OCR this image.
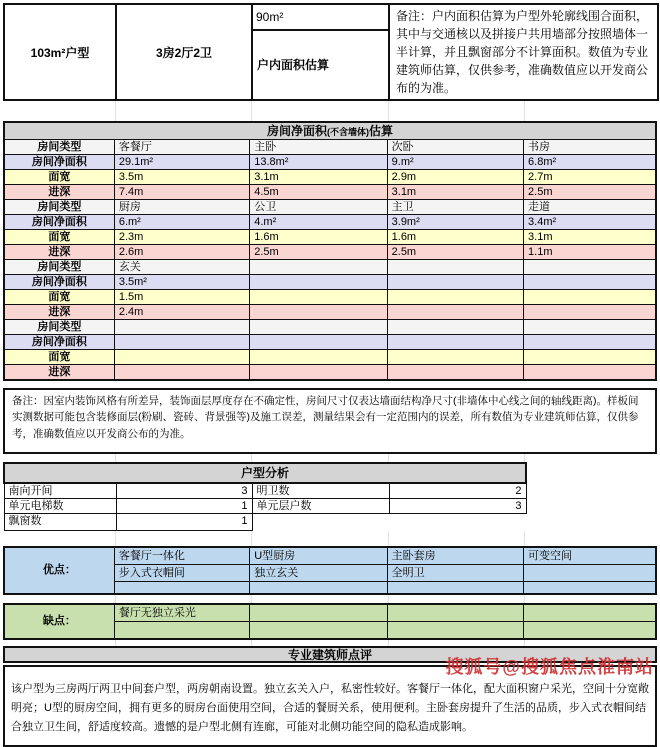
103m²户型	3房2厅2卫	90m²	备注：户内面积估算为户型外轮廓线围合面积，其中与交通核以及拼接户共用墙部分按照墙体一半计算，并且飘窗部分不计算面积。数值为专业建筑师估算，仅供参考，准确数值应以开发商公布的为准。
户内面积估算
房间净面积(不含墙体)估算				
房间类型	客餐厅	主卧	次卧	书房
房间净面积	29.1m²	13.8m²	9.m²	6.8m²
面宽	3.5m	3.1m	2.9m	2.7m
进深	7.4m	4.5m	3.1m	2.5m
房间类型	厨房	公卫	主卫	走道
房间净面积	6.m²	4.m²	3.9m²	3.4m²
面宽	2.3m	1.6m	1.6m	3.1m
进深	2.6m	2.5m	2.5m	1.1m
房间类型	玄关			
房间净面积	3.5m²			
面宽	1.5m			
进深	2.4m			
房间类型				
房间净面积				
面宽				
进深				
备注：因室内装饰风格有所差异，装饰面层厚度存在不确定性，房间尺寸仅表达墙面结构净尺寸(非墙体中心线之间的轴线距离)。样板间实测数据可能包含装修面层(粉刷、瓷砖、背景强等)及施工误差，测量结果会有一定范围内的误差，所有数值为专业建筑师估算，仅供参考，准确数值应以开发商公布的为准。
户型分析			
南向开间	3	明卫数	2
单元电梯数	1	单元层户数	3
飘窗数	1		
优点：	客餐厅一体化	U型厨房	主卧套房	可变空间
	步入式衣帽间	独立玄关	全明卫	

缺点：	餐厅无独立采光			

专业建筑师点评
该户型为三房两厅两卫中间套户型，两房朝南设置。独立玄关入户，私密性较好。客餐厅一体化，配大面积窗户采光，空间十分宽敞明亮；U型的厨房空间，拥有更多的厨房台面使用空间，合适的餐厨关系，使用便利。主卧套房提升了生活的品质，步入式衣帽间结合独立卫生间，舒适度较高。遗憾的是户型北侧有连廊，可能对北侧功能空间的隐私造成影响。
搜狐号@搜狐焦点淮南站
